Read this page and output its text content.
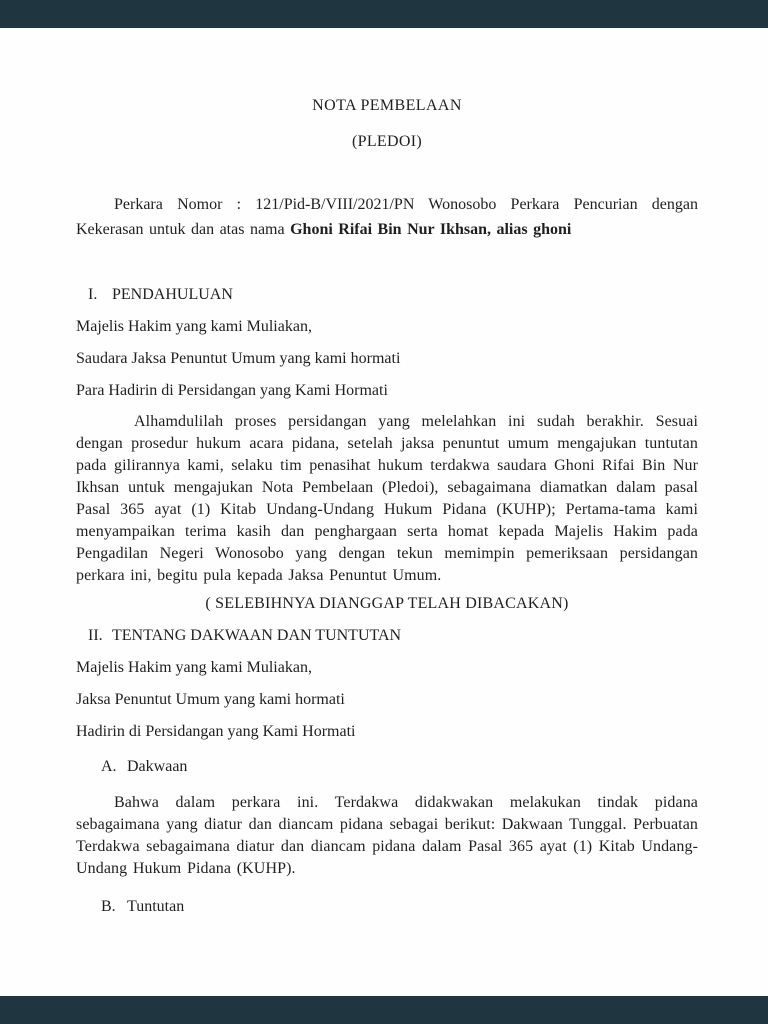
NOTA PEMBELAAN
(PLEDOI)

Perkara Nomor : 121/Pid-B/VIII/2021/PN Wonosobo Perkara Pencurian dengan Kekerasan untuk dan atas nama Ghoni Rifai Bin Nur Ikhsan, alias ghoni

I. PENDAHULUAN

Majelis Hakim yang kami Muliakan,

Saudara Jaksa Penuntut Umum yang kami hormati

Para Hadirin di Persidangan yang Kami Hormati

Alhamdulilah proses persidangan yang melelahkan ini sudah berakhir. Sesuai dengan prosedur hukum acara pidana, setelah jaksa penuntut umum mengajukan tuntutan pada gilirannya kami, selaku tim penasihat hukum terdakwa saudara Ghoni Rifai Bin Nur Ikhsan untuk mengajukan Nota Pembelaan (Pledoi), sebagaimana diamatkan dalam pasal Pasal 365 ayat (1) Kitab Undang-Undang Hukum Pidana (KUHP); Pertama-tama kami menyampaikan terima kasih dan penghargaan serta homat kepada Majelis Hakim pada Pengadilan Negeri Wonosobo yang dengan tekun memimpin pemeriksaan persidangan perkara ini, begitu pula kepada Jaksa Penuntut Umum.

( SELEBIHNYA DIANGGAP TELAH DIBACAKAN)

II. TENTANG DAKWAAN DAN TUNTUTAN

Majelis Hakim yang kami Muliakan,

Jaksa Penuntut Umum yang kami hormati

Hadirin di Persidangan yang Kami Hormati

A. Dakwaan

Bahwa dalam perkara ini. Terdakwa didakwakan melakukan tindak pidana sebagaimana yang diatur dan diancam pidana sebagai berikut: Dakwaan Tunggal. Perbuatan Terdakwa sebagaimana diatur dan diancam pidana dalam Pasal 365 ayat (1) Kitab Undang-Undang Hukum Pidana (KUHP).

B. Tuntutan
